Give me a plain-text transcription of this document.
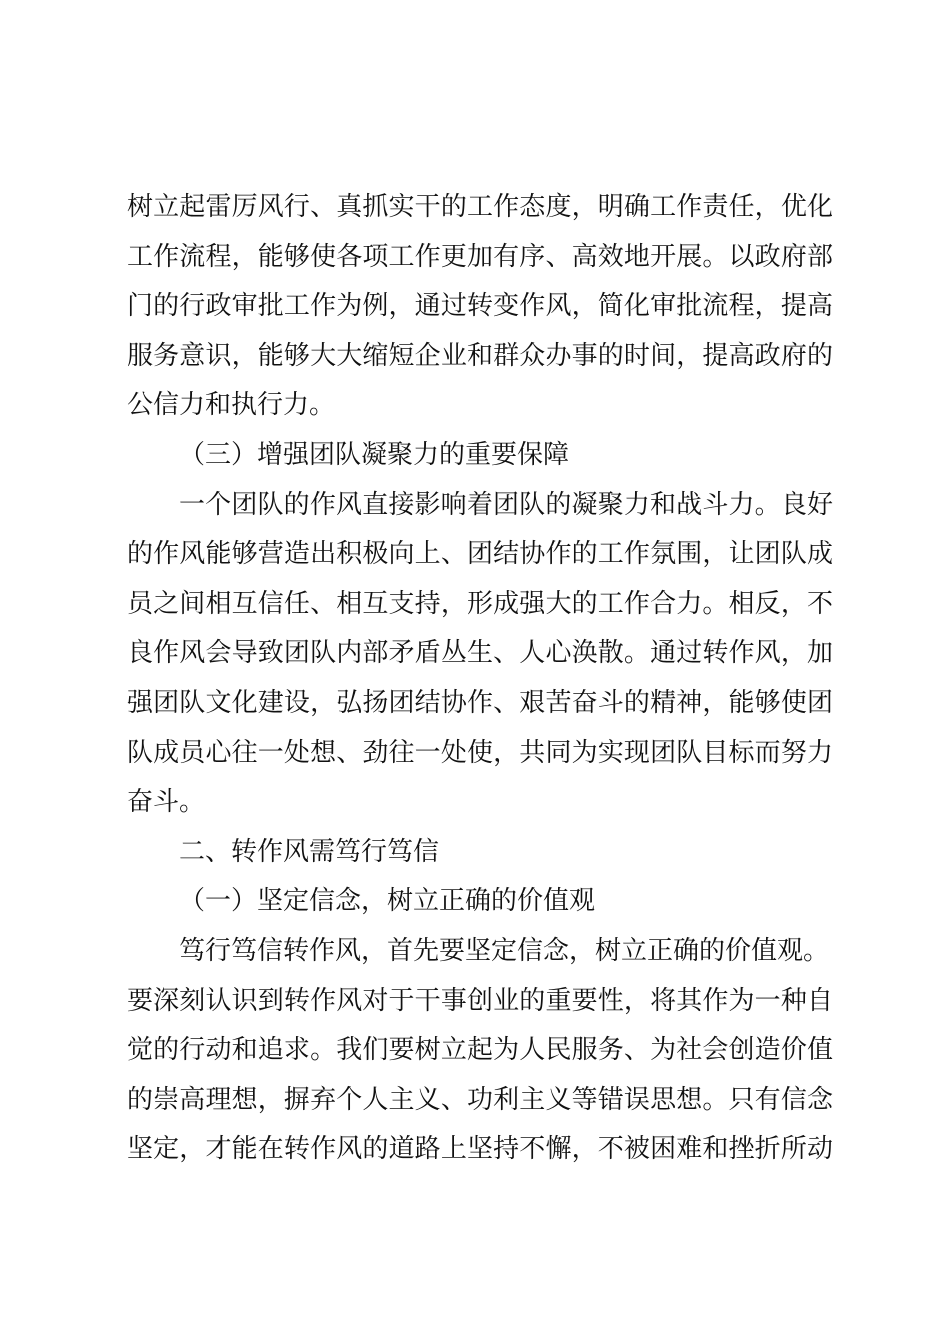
树立起雷厉风行、真抓实干的工作态度，明确工作责任，优化
工作流程，能够使各项工作更加有序、高效地开展。以政府部
门的行政审批工作为例，通过转变作风，简化审批流程，提高
服务意识，能够大大缩短企业和群众办事的时间，提高政府的
公信力和执行力。
（三）增强团队凝聚力的重要保障
一个团队的作风直接影响着团队的凝聚力和战斗力。良好
的作风能够营造出积极向上、团结协作的工作氛围，让团队成
员之间相互信任、相互支持，形成强大的工作合力。相反，不
良作风会导致团队内部矛盾丛生、人心涣散。通过转作风，加
强团队文化建设，弘扬团结协作、艰苦奋斗的精神，能够使团
队成员心往一处想、劲往一处使，共同为实现团队目标而努力
奋斗。
二、转作风需笃行笃信
（一）坚定信念，树立正确的价值观
笃行笃信转作风，首先要坚定信念，树立正确的价值观。
要深刻认识到转作风对于干事创业的重要性，将其作为一种自
觉的行动和追求。我们要树立起为人民服务、为社会创造价值
的崇高理想，摒弃个人主义、功利主义等错误思想。只有信念
坚定，才能在转作风的道路上坚持不懈，不被困难和挫折所动
